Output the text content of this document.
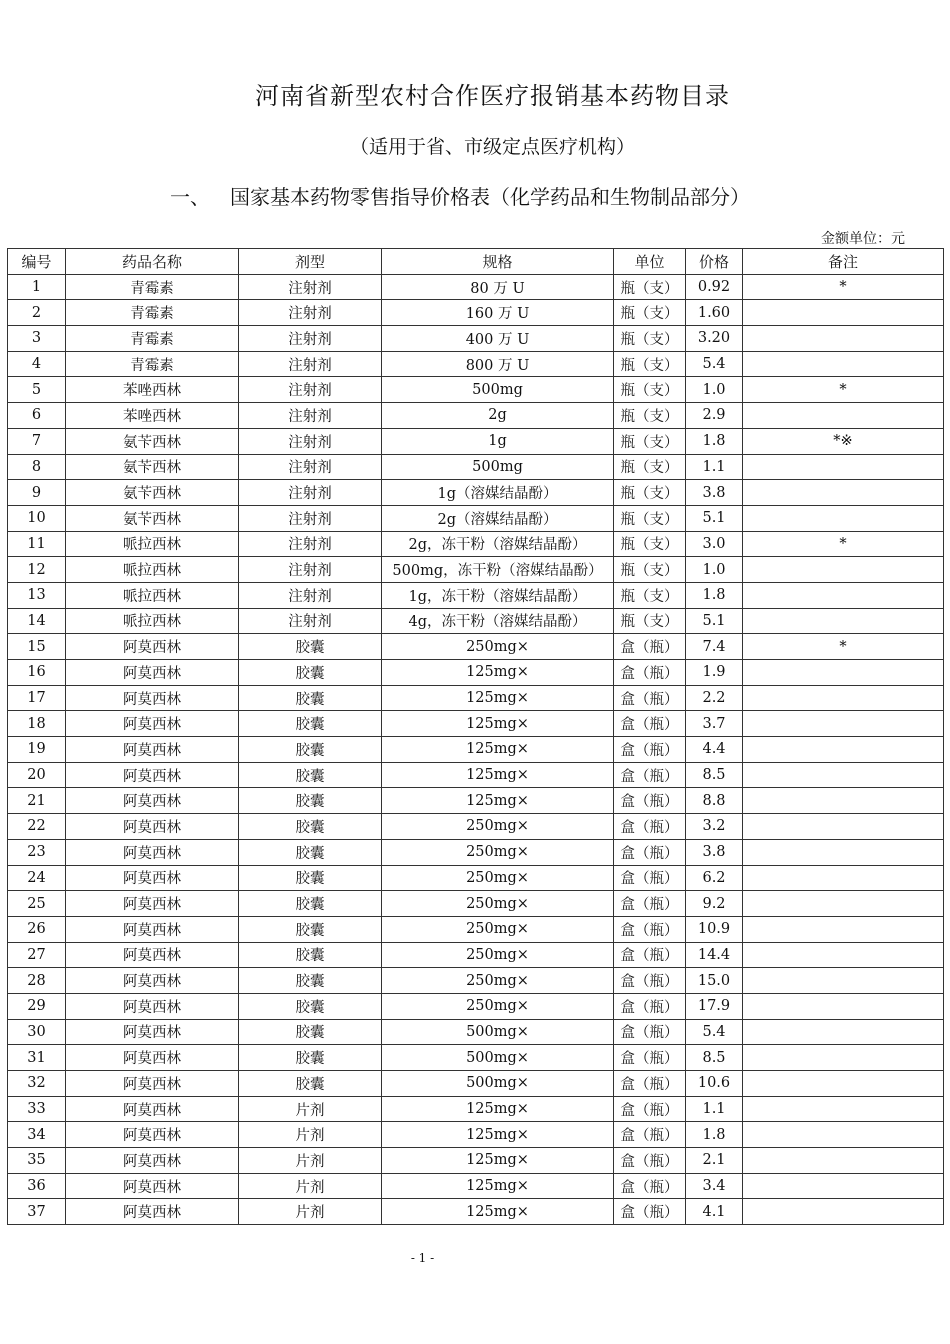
河南省新型农村合作医疗报销基本药物目录
（适用于省、市级定点医疗机构）
一、 国家基本药物零售指导价格表（化学药品和生物制品部分）
金额单位：元
编号	药品名称	剂型	规格	单位	价格	备注
1	青霉素	注射剂	80 万 U	瓶（支）	0.92	*
2	青霉素	注射剂	160 万 U	瓶（支）	1.60	
3	青霉素	注射剂	400 万 U	瓶（支）	3.20	
4	青霉素	注射剂	800 万 U	瓶（支）	5.4	
5	苯唑西林	注射剂	500mg	瓶（支）	1.0	*
6	苯唑西林	注射剂	2g	瓶（支）	2.9	
7	氨苄西林	注射剂	1g	瓶（支）	1.8	*※
8	氨苄西林	注射剂	500mg	瓶（支）	1.1	
9	氨苄西林	注射剂	1g（溶媒结晶酚）	瓶（支）	3.8	
10	氨苄西林	注射剂	2g（溶媒结晶酚）	瓶（支）	5.1	
11	哌拉西林	注射剂	2g，冻干粉（溶媒结晶酚）	瓶（支）	3.0	*
12	哌拉西林	注射剂	500mg，冻干粉（溶媒结晶酚）	瓶（支）	1.0	
13	哌拉西林	注射剂	1g，冻干粉（溶媒结晶酚）	瓶（支）	1.8	
14	哌拉西林	注射剂	4g，冻干粉（溶媒结晶酚）	瓶（支）	5.1	
15	阿莫西林	胶囊	250mg×	盒（瓶）	7.4	*
16	阿莫西林	胶囊	125mg×	盒（瓶）	1.9	
17	阿莫西林	胶囊	125mg×	盒（瓶）	2.2	
18	阿莫西林	胶囊	125mg×	盒（瓶）	3.7	
19	阿莫西林	胶囊	125mg×	盒（瓶）	4.4	
20	阿莫西林	胶囊	125mg×	盒（瓶）	8.5	
21	阿莫西林	胶囊	125mg×	盒（瓶）	8.8	
22	阿莫西林	胶囊	250mg×	盒（瓶）	3.2	
23	阿莫西林	胶囊	250mg×	盒（瓶）	3.8	
24	阿莫西林	胶囊	250mg×	盒（瓶）	6.2	
25	阿莫西林	胶囊	250mg×	盒（瓶）	9.2	
26	阿莫西林	胶囊	250mg×	盒（瓶）	10.9	
27	阿莫西林	胶囊	250mg×	盒（瓶）	14.4	
28	阿莫西林	胶囊	250mg×	盒（瓶）	15.0	
29	阿莫西林	胶囊	250mg×	盒（瓶）	17.9	
30	阿莫西林	胶囊	500mg×	盒（瓶）	5.4	
31	阿莫西林	胶囊	500mg×	盒（瓶）	8.5	
32	阿莫西林	胶囊	500mg×	盒（瓶）	10.6	
33	阿莫西林	片剂	125mg×	盒（瓶）	1.1	
34	阿莫西林	片剂	125mg×	盒（瓶）	1.8	
35	阿莫西林	片剂	125mg×	盒（瓶）	2.1	
36	阿莫西林	片剂	125mg×	盒（瓶）	3.4	
37	阿莫西林	片剂	125mg×	盒（瓶）	4.1	
- 1 -
